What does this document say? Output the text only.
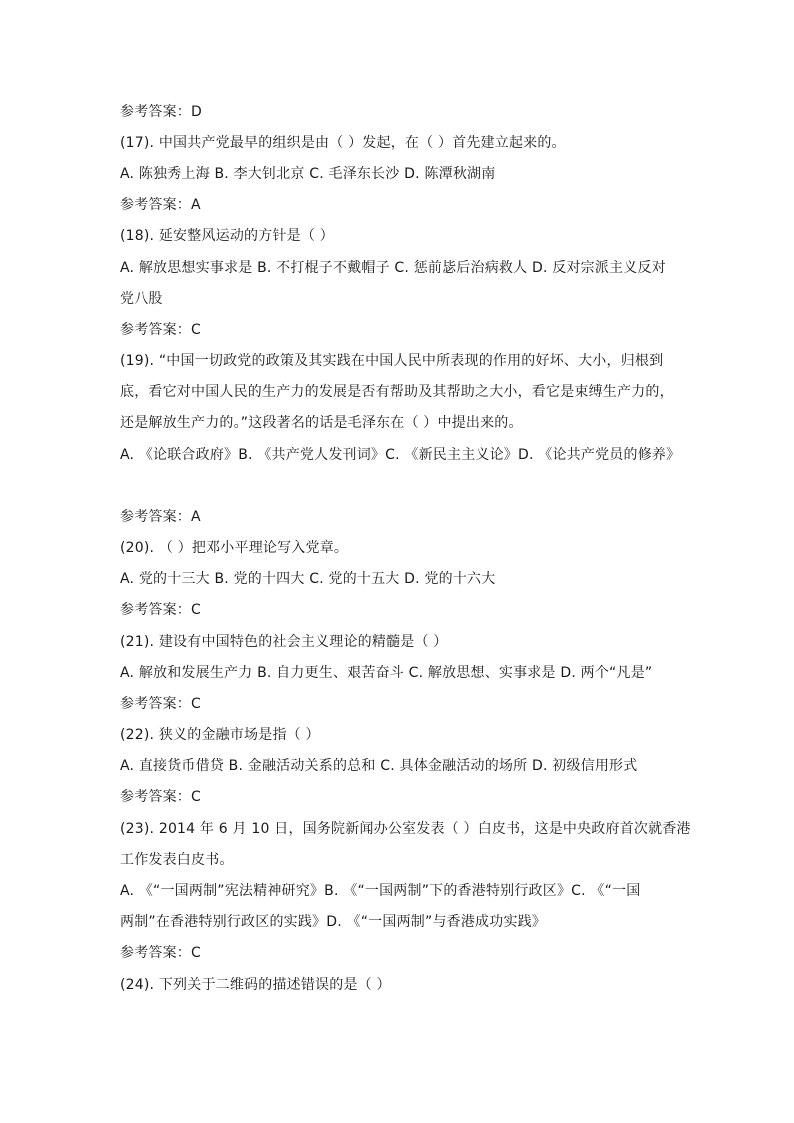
参考答案：D
(17). 中国共产党最早的组织是由（ ）发起，在（ ）首先建立起来的。
A. 陈独秀上海 B. 李大钊北京 C. 毛泽东长沙 D. 陈潭秋湖南
参考答案：A
(18). 延安整风运动的方针是（ ）
A. 解放思想实事求是 B. 不打棍子不戴帽子 C. 惩前毖后治病救人 D. 反对宗派主义反对
党八股
参考答案：C
(19). “中国一切政党的政策及其实践在中国人民中所表现的作用的好坏、大小，归根到
底，看它对中国人民的生产力的发展是否有帮助及其帮助之大小，看它是束缚生产力的，
还是解放生产力的。”这段著名的话是毛泽东在（ ）中提出来的。
A. 《论联合政府》B. 《共产党人发刊词》C. 《新民主主义论》D. 《论共产党员的修养》
参考答案：A
(20). （ ）把邓小平理论写入党章。
A. 党的十三大 B. 党的十四大 C. 党的十五大 D. 党的十六大
参考答案：C
(21). 建设有中国特色的社会主义理论的精髓是（ ）
A. 解放和发展生产力 B. 自力更生、艰苦奋斗 C. 解放思想、实事求是 D. 两个“凡是”
参考答案：C
(22). 狭义的金融市场是指（ ）
A. 直接货币借贷 B. 金融活动关系的总和 C. 具体金融活动的场所 D. 初级信用形式
参考答案：C
(23). 2014 年 6 月 10 日，国务院新闻办公室发表（ ）白皮书，这是中央政府首次就香港
工作发表白皮书。
A. 《“一国两制”宪法精神研究》B. 《“一国两制”下的香港特别行政区》C. 《“一国
两制”在香港特别行政区的实践》D. 《“一国两制”与香港成功实践》
参考答案：C
(24). 下列关于二维码的描述错误的是（ ）
